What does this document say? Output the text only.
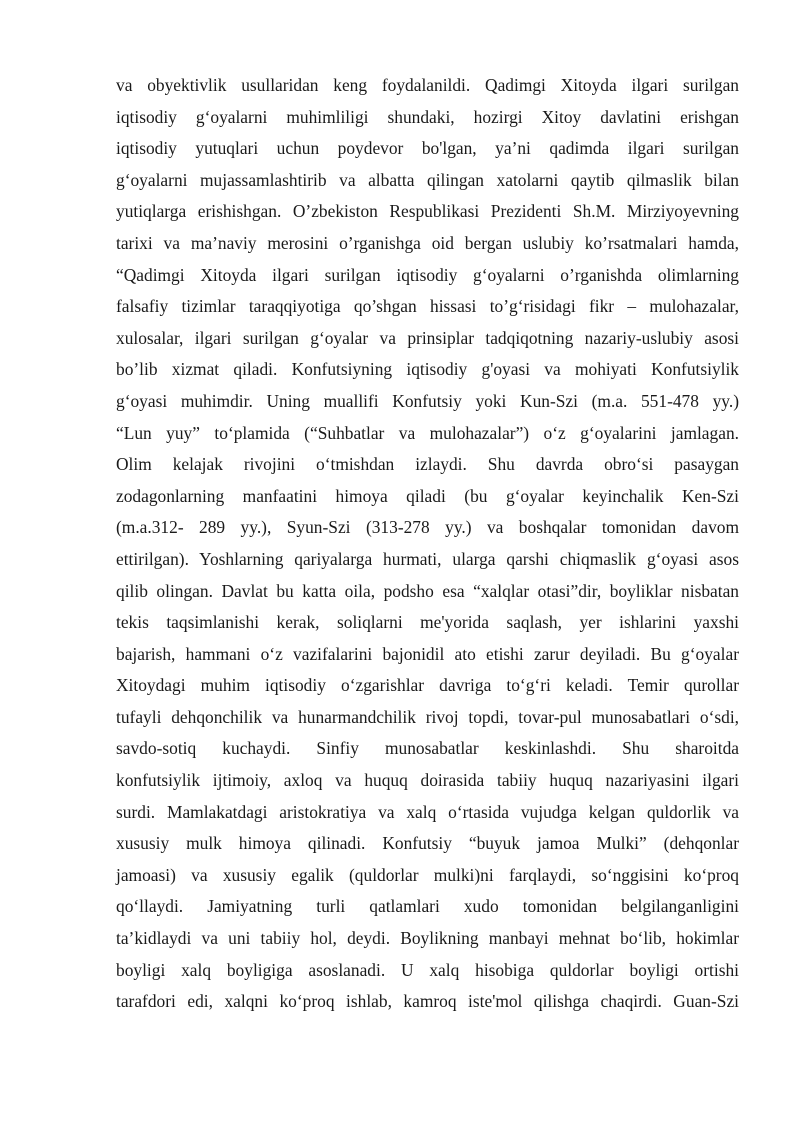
va obyektivlik usullaridan keng foydalanildi. Qadimgi Xitoyda ilgari surilgan
iqtisodiy g‘oyalarni muhimliligi shundaki, hozirgi Xitoy davlatini erishgan
iqtisodiy yutuqlari uchun poydevor bo'lgan, ya’ni qadimda ilgari surilgan
g‘oyalarni mujassamlashtirib va albatta qilingan xatolarni qaytib qilmaslik bilan
yutiqlarga erishishgan. O’zbekiston Respublikasi Prezidenti Sh.M. Mirziyoyevning
tarixi va ma’naviy merosini o’rganishga oid bergan uslubiy ko’rsatmalari hamda,
“Qadimgi Xitoyda ilgari surilgan iqtisodiy g‘oyalarni o’rganishda olimlarning
falsafiy tizimlar taraqqiyotiga qo’shgan hissasi to’g‘risidagi fikr – mulohazalar,
xulosalar, ilgari surilgan g‘oyalar va prinsiplar tadqiqotning nazariy-uslubiy asosi
bo’lib xizmat qiladi. Konfutsiyning iqtisodiy g'oyasi va mohiyati Konfutsiylik
g‘oyasi muhimdir. Uning muallifi Konfutsiy yoki Kun-Szi (m.a. 551-478 yy.)
“Lun yuy” to‘plamida (“Suhbatlar va mulohazalar”) o‘z g‘oyalarini jamlagan.
Olim kelajak rivojini o‘tmishdan izlaydi. Shu davrda obro‘si pasaygan
zodagonlarning manfaatini himoya qiladi (bu g‘oyalar keyinchalik Ken-Szi
(m.a.312- 289 yy.), Syun-Szi (313-278 yy.) va boshqalar tomonidan davom
ettirilgan). Yoshlarning qariyalarga hurmati, ularga qarshi chiqmaslik g‘oyasi asos
qilib olingan. Davlat bu katta oila, podsho esa “xalqlar otasi”dir, boyliklar nisbatan
tekis taqsimlanishi kerak, soliqlarni me'yorida saqlash, yer ishlarini yaxshi
bajarish, hammani o‘z vazifalarini bajonidil ato etishi zarur deyiladi. Bu g‘oyalar
Xitoydagi muhim iqtisodiy o‘zgarishlar davriga to‘g‘ri keladi. Temir qurollar
tufayli dehqonchilik va hunarmandchilik rivoj topdi, tovar-pul munosabatlari o‘sdi,
savdo-sotiq kuchaydi. Sinfiy munosabatlar keskinlashdi. Shu sharoitda
konfutsiylik ijtimoiy, axloq va huquq doirasida tabiiy huquq nazariyasini ilgari
surdi. Mamlakatdagi aristokratiya va xalq o‘rtasida vujudga kelgan quldorlik va
xususiy mulk himoya qilinadi. Konfutsiy “buyuk jamoa Mulki” (dehqonlar
jamoasi) va xususiy egalik (quldorlar mulki)ni farqlaydi, so‘nggisini ko‘proq
qo‘llaydi. Jamiyatning turli qatlamlari xudo tomonidan belgilanganligini
ta’kidlaydi va uni tabiiy hol, deydi. Boylikning manbayi mehnat bo‘lib, hokimlar
boyligi xalq boyligiga asoslanadi. U xalq hisobiga quldorlar boyligi ortishi
tarafdori edi, xalqni ko‘proq ishlab, kamroq iste'mol qilishga chaqirdi. Guan-Szi
